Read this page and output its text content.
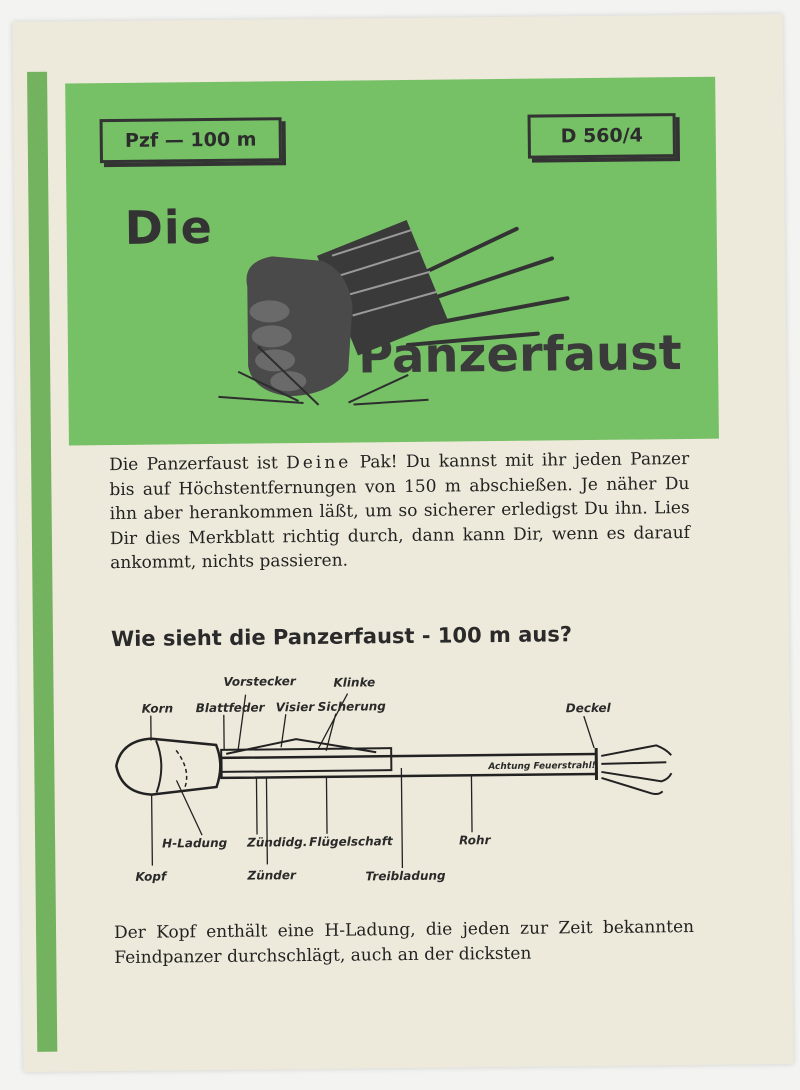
Pzf — 100 m	D 560/4
Die
Panzerfaust
Die Panzerfaust ist Deine Pak! Du kannst mit ihr jeden Panzer bis auf Höchstentfernungen von 150 m abschießen. Je näher Du ihn aber herankommen läßt, um so sicherer erledigst Du ihn. Lies Dir dies Merkblatt richtig durch, dann kann Dir, wenn es darauf ankommt, nichts passieren.
Wie sieht die Panzerfaust - 100 m aus?
Vorstecker	Klinke
Korn Blattfeder Visier Sicherung	Deckel
Achtung Feuerstrahl!
H-Ladung Zündidg. Flügelschaft	Rohr
Kopf	Zünder	Treibladung
Der Kopf enthält eine H-Ladung, die jeden zur Zeit bekannten Feindpanzer durchschlägt, auch an der dicksten
